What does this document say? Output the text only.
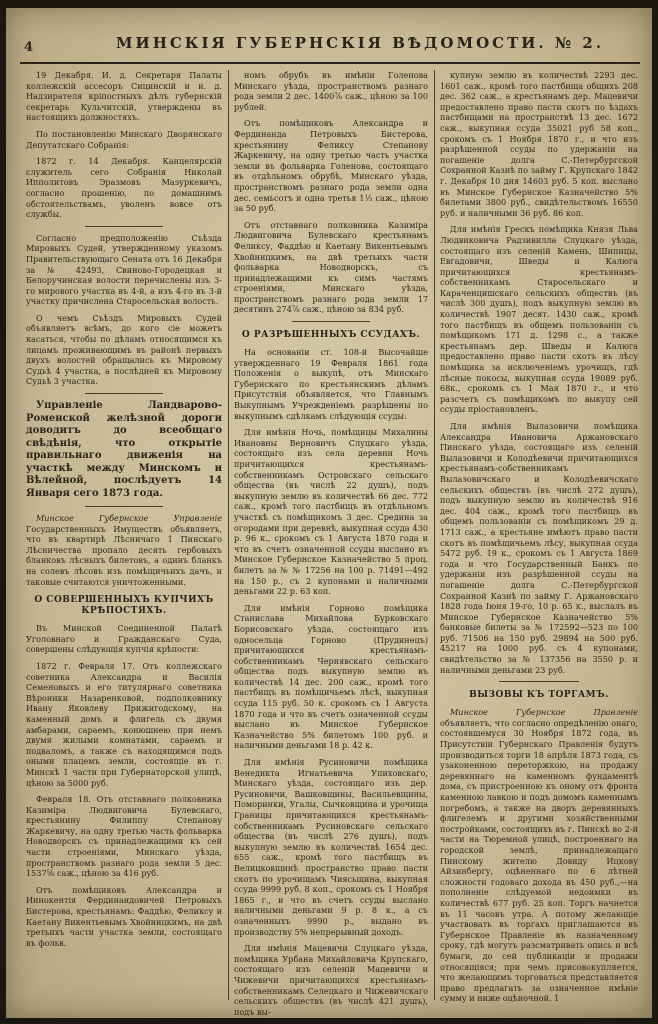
4	МИНСКІЯ ГУБЕРНСКІЯ ВѢДОМОСТИ. № 2.

19 Декабря. И. д. Секретаря Палаты коллежскій ассесоръ Сицинскій и и. д. Надзирателя кріпостныхъ дѣлъ губернскій секретарь Кульчитскій, утверждены въ настоящихъ должностяхъ.

По постановленію Минскаго Дворянскаго Депутатскаго Собранія:

1872 г. 14 Декабря. Канцелярскій служитель сего Собранія Николай Ипполитовъ Эразмовъ Мазуркевичъ, согласно прошенію, по домашнимъ обстоятельствамъ, уволенъ вовсе отъ службы.

Согласно предположенію Съѣзда Мировыхъ Судей, утвержденному указомъ Правительствующаго Сената отъ 16 Декабря за № 42493, Свиново-Городецкая и Белоручинская волости перечислены изъ 3-го мирового участка въ 4-й, а изъ 4-го въ 3-й участку причислена Старосельская волость.

О чемъ Съѣздъ Мировыхъ Судей объявляетъ всѣмъ, до кого сіе можетъ касаться, чтобы по дѣламъ относящимся къ лицамъ проживающимъ въ районѣ первыхъ двухъ волостей обращались къ Мировому Судьѣ 4 участка, а послѣдней къ Мировому Судьѣ 3 участка.

Управленіе Ландварово-Роменской желѣзной дороги доводитъ до всеобщаго свѣдѣнія, что открытіе правильнаго движенія на участкѣ между Минскомъ и Вѣлейной, послѣдуетъ 14 Января сего 1873 года.

Минское Губернское Управленіе Государственныхъ Имуществъ объявляетъ, что въ квартирѣ Лѣсничаго 1 Пинскаго Лѣсничества пропало десять гербовыхъ бланковъ лѣсныхъ билетовъ, а одинъ бланкъ на солевъ лѣсовъ изъ помѣщичьихъ дачъ, и таковые считаются уничтоженными.

О СОВЕРШЕННЫХЪ КУПЧИХЪ КРѢПОСТЯХЪ.

Въ Минской Соединенной Палатѣ Уголовнаго и Гражданскаго Суда, совершены слѣдующія купчія крѣпости:

1872 г. Февраля 17. Отъ коллежскаго советника Александра и Василія Семеновыхъ и его титулярнаго советника Вѣроники Назаренковой, подполковнику Ивану Яковлеву Прижигодскому, на каменный домъ и флигель съ двумя амбарами, сараемъ, конюшнею при немъ двумя жилыми комнатами, сараемъ и подваломъ, а также съ находящимся подъ оными плацемъ земли, состоящіе въ г. Минскѣ 1 части при Губернаторской улицѣ, цѣною за 5000 руб.

Февраля 18. Отъ отставнаго полковника Казиміра Людвиговича Булевскаго, крестьянину Филиппу Степанову Жаркевичу, на одну третью часть фольварка Новодворскъ съ принадлежащими къ сей части строеніями, Минскаго уѣзда, пространствомъ разнаго рода земли 5 дес. 1537⅝ саж., цѣною за 416 руб.

Отъ помѣщиковъ Александра и Иннокентія Фердинандовичей Петровыхъ Бистерова, крестьянамъ: Фаддѣю, Феликсу и Каетану Викентьевымъ Хвойницкимъ, на двѣ третьихъ части участка земли, состоящаго въ фольв.

номъ обрубъ въ имѣніи Голенова Минскаго уѣзда, пространствомъ разнаго рода земли 2 дес. 1400⅞ саж., цѣною за 100 рублей.

Отъ помѣщиковъ Александра и Фердинанда Петровыхъ Бистерова, крестьянину Феликсу Степанову Жаркевичу, на одну третью часть участка земли въ фольварка Голенова, состоящаго въ отдѣльномъ обрубѣ, Минскаго уѣзда, пространствомъ разнаго рода земли одна дес. семьсотъ и одна третья 1⅓ саж., цѣною за 50 руб.

Отъ отставнаго полковника Казиміра Людвиговича Булевскаго крестьянамъ Феликсу, Фаддѣю и Каетану Викентьевымъ Хвойницкимъ, на двѣ третьихъ части фольварка Новодворскъ, съ принадлежащими къ симъ частямъ строеніями, Минскаго уѣзда, пространствомъ разнаго рода земли 17 десятинъ 274⅞ саж., цѣною за 834 руб.

О РАЗРѢШЕННЫХЪ ССУДАХЪ.

На основаніи ст. 108-й Высочайше утвержденнаго 19 Февраля 1861 года Положенія о выкупѣ, отъ Минскаго Губернскаго по крестьянскимъ дѣламъ Присутствія объявляется, что Главнымъ Выкупнымъ Учрежденіемъ разрѣшены по выкупнымъ сдѣлкамъ слѣдующія ссуды:

Для имѣнія Ночь, помѣщицы Михалины Ивановны Верновичъ Слуцкаго уѣзда, состоящаго изъ села деревни Ночь причитающихся крестьянамъ-собственникамъ Островскаго сельскаго общества (въ числѣ 22 душъ), подъ выкупную землю въ количествѣ 66 дес. 772 саж., кромѣ того пастбищъ въ отдѣльномъ участкѣ съ помѣщикомъ 3 дес. Средина за огородами при деревнѣ, выкупная ссуда 430 р. 96 к., срокомъ съ 1 Августа 1870 года и что въ счетъ означенной ссуды выслано въ Минское Губернское Казначейство 5 проц. билетъ за № № 17256 на 100 р. 71491—492 на 150 р., съ 2 купонами и наличными деньгами 22 р. 63 коп.

Для имѣнія Горново помѣщика Станислава Михайлова Бурковскаго Борисовскаго уѣзда, состоящаго изъ односельца Горново (Прудинецъ) причитающихся крестьянамъ-собственникамъ Чернявскаго сельскаго общества подъ выкупную землю въ количествѣ 14 дес. 200 саж., кромѣ того пастбищъ въ помѣщичьемъ лѣсѣ, выкупная ссуда 115 руб. 50 к. срокомъ съ 1 Августа 1870 года и что въ счетъ означенной ссуды выслано въ Минское Губернское Казначейство 5% билетомъ 100 руб. и наличными деньгами 18 р. 42 к.

Для имѣнія Русиновичи помѣщика Венедикта Игнатьевича Упиховскаго, Минскаго уѣзда, состоящаго изъ дер. Русиновичи, Вашковщины, Васильевщины, Поморинки, Угалы, Сычковщина и урочища Границы причитающихся крестьянамъ-собственникамъ Русиновскаго сельскаго общества (въ числѣ 276 душъ), подъ выкупную землю въ количествѣ 1654 дес. 655 саж., кромѣ того пастбищъ въ Велицковщинѣ пространство право пасти скотъ по урочищамъ Чиясьщина, выкупная ссуда 9999 руб. 8 коп., срокомъ съ 1 Ноября 1865 г., и что въ счетъ ссуды выслано наличными деньгами 9 р. 8 к., а съ означенныхъ 9990 р., выдано въ производству 5% непрерывный доходъ.

Для имѣнія Мацевичи Слуцкаго уѣзда, помѣщика Урбана Михайловича Крупскаго, состоящаго изъ селеній Мацевичи и Чижевичи причитающихся крестьянамъ-собственникамъ Селецкаго и Чижевичскаго сельскихъ обществъ (въ числѣ 421 душъ), подъ вы-

купную землю въ количествѣ 2293 дес. 1601 саж., кромѣ того пастбища общихъ 208 дес. 362 саж., а крестьянамъ дер. Мацевичи предоставлено право пасти скотъ по ѣздахъ пастбищами на пространствѣ 13 дес. 1672 саж., выкупная ссуда 35021 руб 58 коп., срокомъ съ 1 Ноября 1870 г., и что изъ разрѣшенной ссуды по удержаніи на погашеніе долга С.-Петербургской Сохранной Казнѣ по займу Г. Крупскаго 1842 г. Декабря 10 дня 14603 руб. 5 коп. выслано въ Минское Губернское Казначейство 5% билетами 3800 руб., свидѣтельствомъ 16550 руб. и наличными 36 руб. 86 коп.

Для имѣнія Грескъ помѣщика Князя Льва Людвиковича Радзивилла Слуцкаго уѣзда, состоящаго изъ селеній Камень, Шипицы, Евгадовичи, Шведы и Калюга причитающихся крестьянамъ-собственникамъ Старосельскаго и Караченцишскаго сельскихъ обществъ (въ числѣ 300 душъ), подъ выкупную землю въ количествѣ 1907 десят. 1430 саж., кромѣ того пастбищъ въ общемъ пользованіи съ помѣщикомъ 171 д. 1298 с., а также крестьянамъ дер. Шведы и Калюга предоставлено право пасти скотъ въ лѣсу помѣщика за исключеніемъ урочищъ, гдѣ лѣсные покосы, выкупная ссуда 19089 руб. 68к., срокомъ съ 1 Мая 1870 г., и что разсчетъ съ помѣщикомъ по выкупу сей ссуды пріостановленъ.

Для имѣнія Вылазовичи помѣщика Александра Ивановича Аржановскаго Пинскаго уѣзда, состоящаго изъ селеній Вылазовичи и Колодѣевичи причитающихся крестьянамъ-собственникамъ Вылазовичскаго и Колодѣевичскаго сельскихъ обществъ (въ числѣ 272 душъ), подъ выкупную землю въ количествѣ 916 дес. 404 саж., кромѣ того пастбищъ въ общемъ пользованіи съ помѣщикомъ 29 д. 1713 саж., а крестьяне имѣютъ право пасти скотъ въ помѣщичьемъ лѣсу, выкупная ссуда 5472 руб. 19 к., срокомъ съ 1 Августа 1869 года и что Государственный Банкъ по удержаніи изъ разрѣшенной ссуды на погашеніе долга С.-Петербургской Сохранной Казнѣ по займу Г. Аржановскаго 1828 года Іюня 19-го, 10 р. 65 к., выслалъ въ Минское Губернское Казначейство 5% банковые билеты за № 172592—523 по 100 руб. 71506 на 150 руб. 29894 на 500 руб. 45217 на 1000 руб. съ 4 купонами, свидѣтельство за № 137356 на 3550 р. и наличными деньгами 23 руб.

ВЫЗОВЫ КЪ ТОРГАМЪ.

Минское Губернское Правленіе объявляетъ, что согласно опредѣленію онаго, состоявшемуся 30 Ноября 1872 года, въ Присутствіи Губернскаго Правленія будутъ производиться торги 18 апрѣля 1873 года, съ узаконенною переторжкою, на продажу деревяннаго на каменномъ фундаментѣ дома, съ пристроенною къ оному отъ фронта каменною лавкою и подъ домомъ каменнымъ погребомъ, а также на дворъ деревянныхъ флигелемъ и другими хозяйственными постройками, состоящихъ въ г. Пинскѣ во 2-й части на Тюремной улицѣ, построеннаго на городской землѣ, принадлежащаго Пинскому жителю Довиду Ицкову Айзинбергу, оцѣненнаго по 6 лѣтней сложности годоваго дохода въ 450 руб.,—на пополненіе слѣдуемой недоимки въ количествѣ 677 руб. 25 коп. Торгъ начнется въ 11 часовъ утра. А потому желающіе участвовать въ торгахъ приглашаются въ Губернское Правленіе въ назначенному сроку, гдѣ могутъ разсматривать опись и всѣ бумаги, до сей публикаціи и продажи относящіяся; при чемъ присовокупляется, что желающимъ торговаться представляется право предлагать за означенное имѣніе сумму и ниже оцѣночной. 1
